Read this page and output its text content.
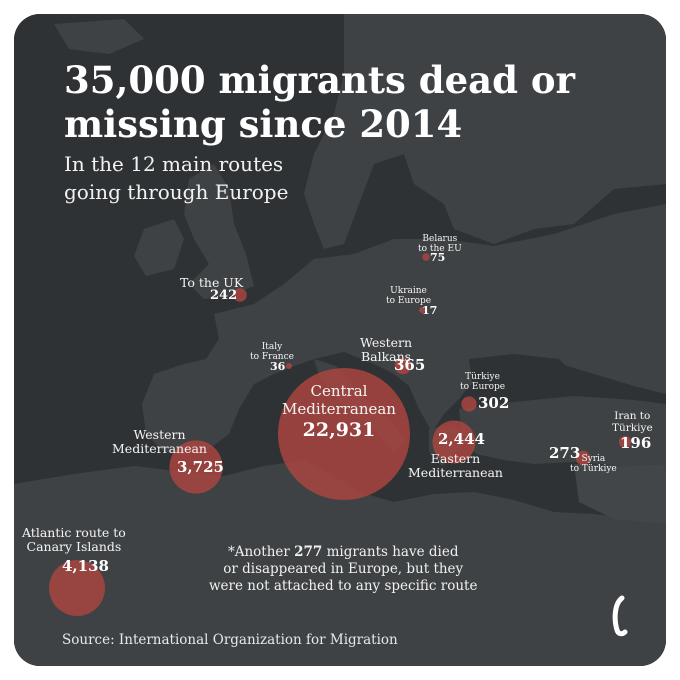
35,000 migrants dead or
missing since 2014
In the 12 main routes
going through Europe
Central
Mediterranean
22,931
Atlantic route to
Canary Islands
4,138
Western
Mediterranean
3,725
2,444
Eastern
Mediterranean
Western
Balkans
365
Türkiye
to Europe
302
273 Syria
to Türkiye
To the UK
242
Iran to
Türkiye
196
Belarus
to the EU
75
Italy
to France
36
Ukraine
to Europe
17
*Another 277 migrants have died
or disappeared in Europe, but they
were not attached to any specific route
Source: International Organization for Migration
